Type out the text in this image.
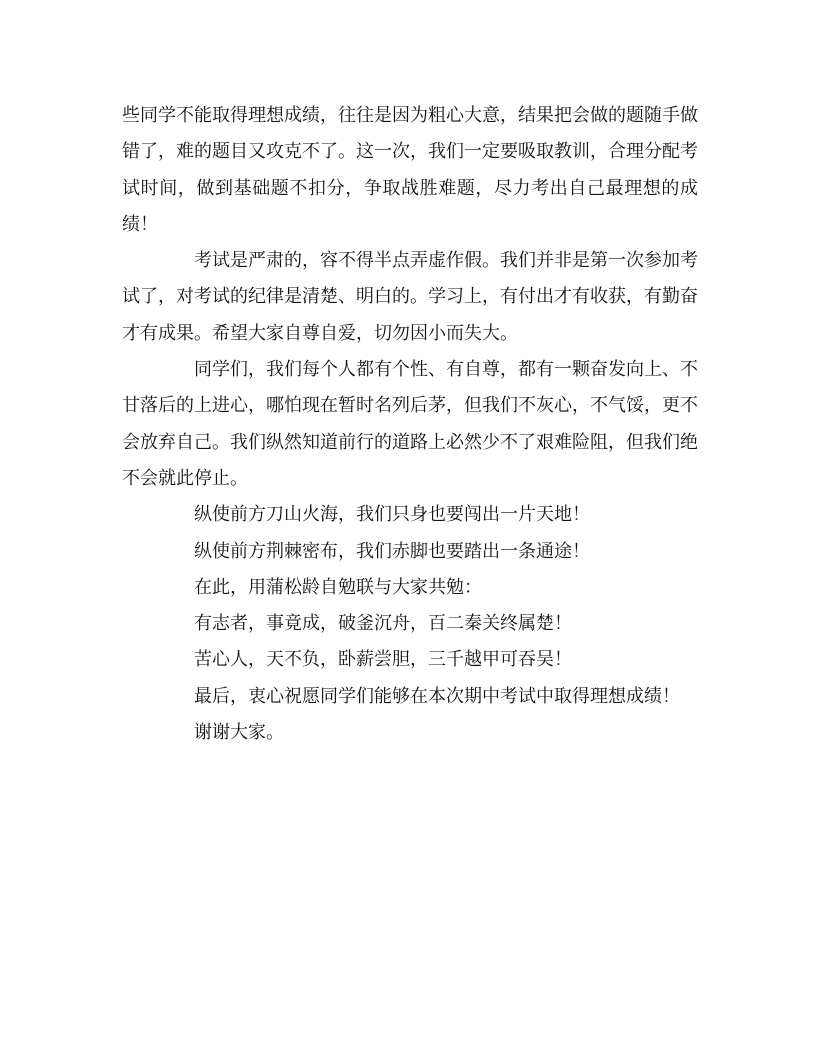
些同学不能取得理想成绩，往往是因为粗心大意，结果把会做的题随手做错了，难的题目又攻克不了。这一次，我们一定要吸取教训，合理分配考试时间，做到基础题不扣分，争取战胜难题，尽力考出自己最理想的成绩！

考试是严肃的，容不得半点弄虚作假。我们并非是第一次参加考试了，对考试的纪律是清楚、明白的。学习上，有付出才有收获，有勤奋才有成果。希望大家自尊自爱，切勿因小而失大。

同学们，我们每个人都有个性、有自尊，都有一颗奋发向上、不甘落后的上进心，哪怕现在暂时名列后茅，但我们不灰心，不气馁，更不会放弃自己。我们纵然知道前行的道路上必然少不了艰难险阻，但我们绝不会就此停止。

纵使前方刀山火海，我们只身也要闯出一片天地！

纵使前方荆棘密布，我们赤脚也要踏出一条通途！

在此，用蒲松龄自勉联与大家共勉：

有志者，事竟成，破釜沉舟，百二秦关终属楚！

苦心人，天不负，卧薪尝胆，三千越甲可吞吴！

最后，衷心祝愿同学们能够在本次期中考试中取得理想成绩！

谢谢大家。
